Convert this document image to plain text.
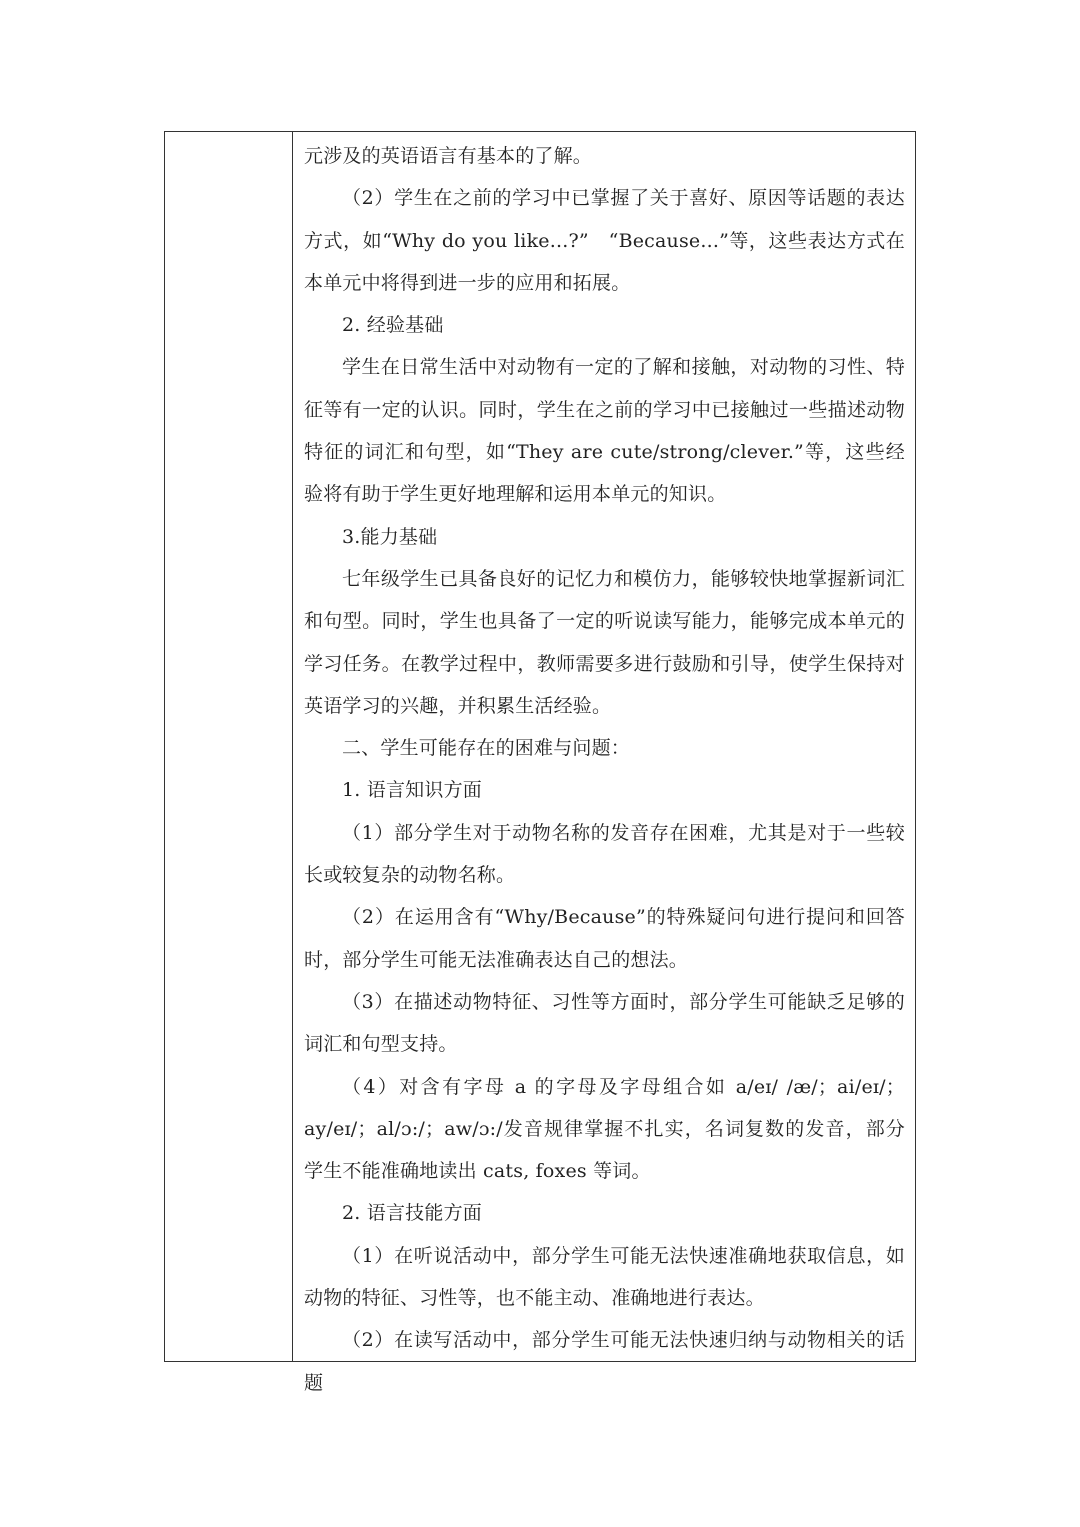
元涉及的英语语言有基本的了解。

（2）学生在之前的学习中已掌握了关于喜好、原因等话题的表达方式，如“Why do you like...?”　“Because...”等，这些表达方式在本单元中将得到进一步的应用和拓展。

2. 经验基础

学生在日常生活中对动物有一定的了解和接触，对动物的习性、特征等有一定的认识。同时，学生在之前的学习中已接触过一些描述动物特征的词汇和句型，如“They are cute/strong/clever.”等，这些经验将有助于学生更好地理解和运用本单元的知识。

3.能力基础

七年级学生已具备良好的记忆力和模仿力，能够较快地掌握新词汇和句型。同时，学生也具备了一定的听说读写能力，能够完成本单元的学习任务。在教学过程中，教师需要多进行鼓励和引导，使学生保持对英语学习的兴趣，并积累生活经验。

二、学生可能存在的困难与问题：

1. 语言知识方面

（1）部分学生对于动物名称的发音存在困难，尤其是对于一些较长或较复杂的动物名称。

（2）在运用含有“Why/Because”的特殊疑问句进行提问和回答时，部分学生可能无法准确表达自己的想法。

（3）在描述动物特征、习性等方面时，部分学生可能缺乏足够的词汇和句型支持。

（4）对含有字母 a 的字母及字母组合如 a/eɪ/ /æ/；ai/eɪ/；ay/eɪ/；al/ɔ:/；aw/ɔ:/发音规律掌握不扎实，名词复数的发音，部分学生不能准确地读出 cats, foxes 等词。

2. 语言技能方面

（1）在听说活动中，部分学生可能无法快速准确地获取信息，如动物的特征、习性等，也不能主动、准确地进行表达。

（2）在读写活动中，部分学生可能无法快速归纳与动物相关的话题
